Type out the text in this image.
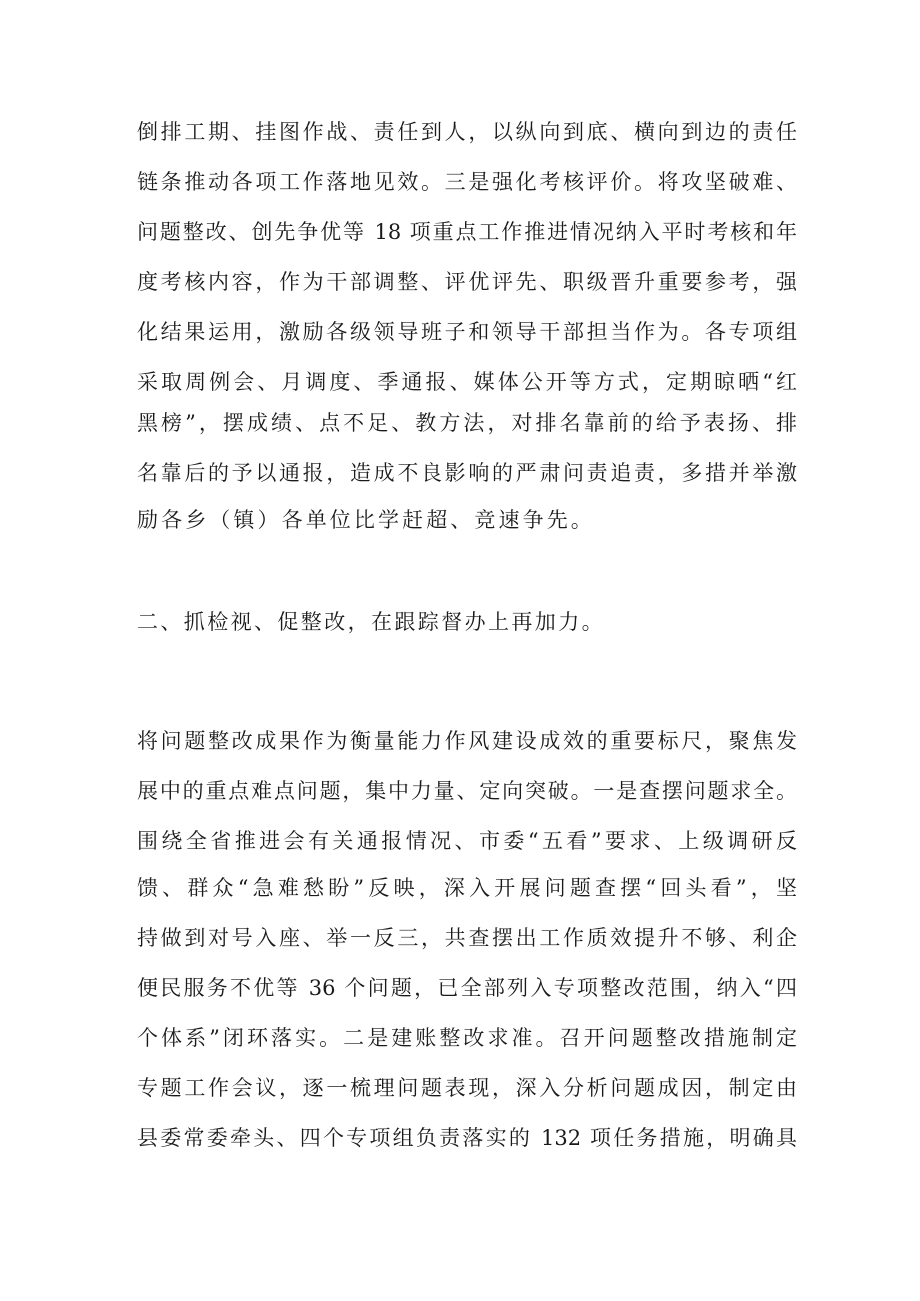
倒排工期、挂图作战、责任到人，以纵向到底、横向到边的责任
链条推动各项工作落地见效。三是强化考核评价。将攻坚破难、
问题整改、创先争优等 18 项重点工作推进情况纳入平时考核和年
度考核内容，作为干部调整、评优评先、职级晋升重要参考，强
化结果运用，激励各级领导班子和领导干部担当作为。各专项组
采取周例会、月调度、季通报、媒体公开等方式，定期晾晒“红
黑榜”，摆成绩、点不足、教方法，对排名靠前的给予表扬、排
名靠后的予以通报，造成不良影响的严肃问责追责，多措并举激
励各乡（镇）各单位比学赶超、竞速争先。
二、抓检视、促整改，在跟踪督办上再加力。
将问题整改成果作为衡量能力作风建设成效的重要标尺，聚焦发
展中的重点难点问题，集中力量、定向突破。一是查摆问题求全。
围绕全省推进会有关通报情况、市委“五看”要求、上级调研反
馈、群众“急难愁盼”反映，深入开展问题查摆“回头看”，坚
持做到对号入座、举一反三，共查摆出工作质效提升不够、利企
便民服务不优等 36 个问题，已全部列入专项整改范围，纳入“四
个体系”闭环落实。二是建账整改求准。召开问题整改措施制定
专题工作会议，逐一梳理问题表现，深入分析问题成因，制定由
县委常委牵头、四个专项组负责落实的 132 项任务措施，明确具
